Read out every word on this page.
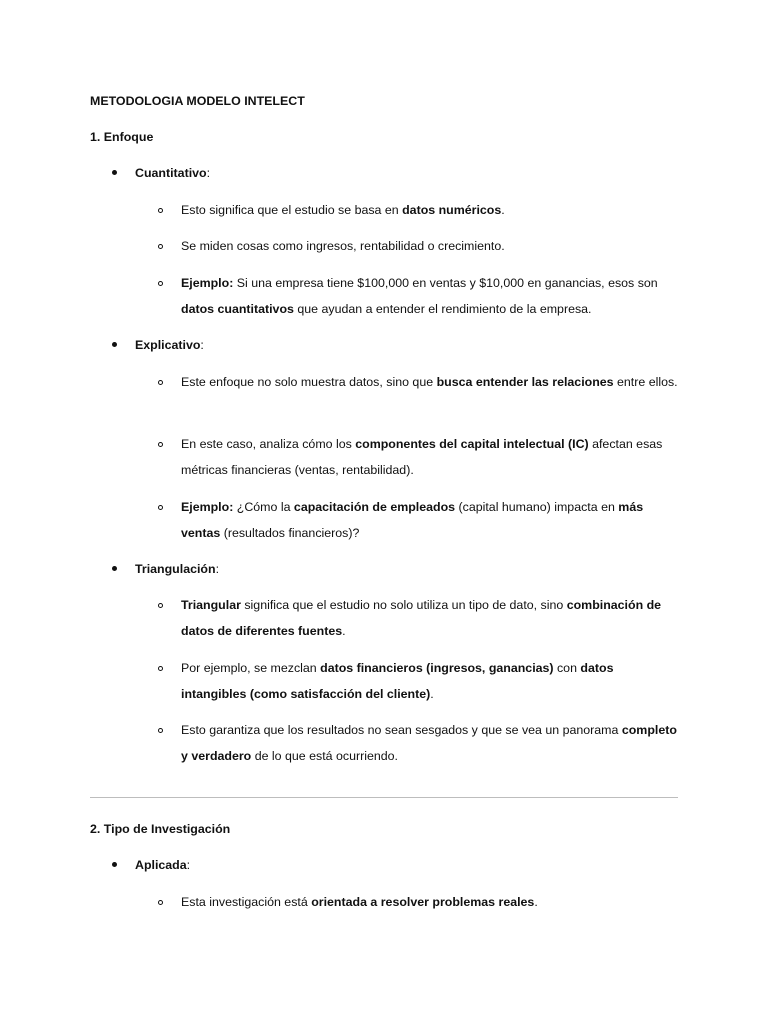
METODOLOGIA MODELO INTELECT
1. Enfoque
Cuantitativo:
Esto significa que el estudio se basa en datos numéricos.
Se miden cosas como ingresos, rentabilidad o crecimiento.
Ejemplo: Si una empresa tiene $100,000 en ventas y $10,000 en ganancias, esos son datos cuantitativos que ayudan a entender el rendimiento de la empresa.
Explicativo:
Este enfoque no solo muestra datos, sino que busca entender las relaciones entre ellos.
En este caso, analiza cómo los componentes del capital intelectual (IC) afectan esas métricas financieras (ventas, rentabilidad).
Ejemplo: ¿Cómo la capacitación de empleados (capital humano) impacta en más ventas (resultados financieros)?
Triangulación:
Triangular significa que el estudio no solo utiliza un tipo de dato, sino combinación de datos de diferentes fuentes.
Por ejemplo, se mezclan datos financieros (ingresos, ganancias) con datos intangibles (como satisfacción del cliente).
Esto garantiza que los resultados no sean sesgados y que se vea un panorama completo y verdadero de lo que está ocurriendo.
2. Tipo de Investigación
Aplicada:
Esta investigación está orientada a resolver problemas reales.
